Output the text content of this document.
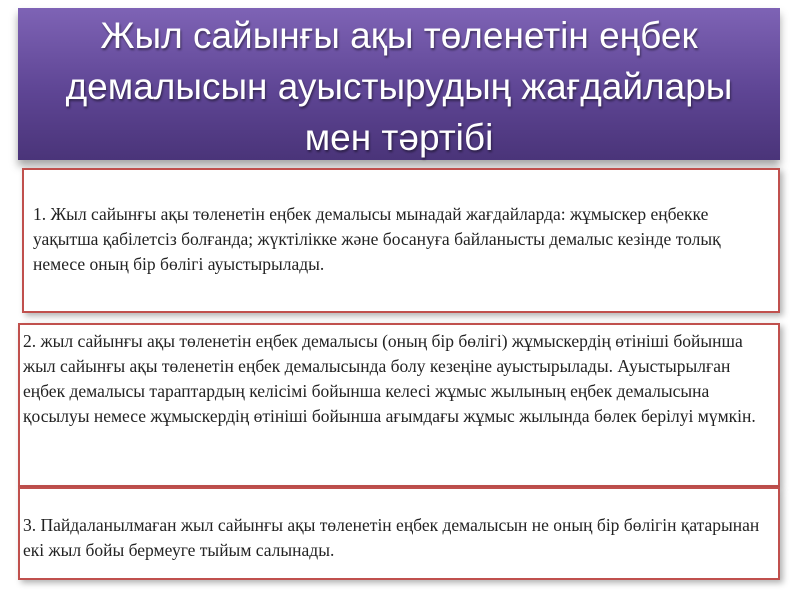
Жыл сайынғы ақы төленетін еңбек демалысын ауыстырудың жағдайлары мен тәртібі
1. Жыл сайынғы ақы төленетін еңбек демалысы мынадай жағдайларда: жұмыскер еңбекке уақытша қабілетсіз болғанда; жүктілікке және босануға байланысты демалыс кезінде толық немесе оның бір бөлігі ауыстырылады.
2. жыл сайынғы ақы төленетін еңбек демалысы (оның бір бөлігі) жұмыскердің өтініші бойынша жыл сайынғы ақы төленетін еңбек демалысында болу кезеңіне ауыстырылады. Ауыстырылған еңбек демалысы тараптардың келісімі бойынша келесі жұмыс жылының еңбек демалысына қосылуы немесе жұмыскердің өтініші бойынша ағымдағы жұмыс жылында бөлек берілуі мүмкін.
3. Пайдаланылмаған жыл сайынғы ақы төленетін еңбек демалысын не оның бір бөлігін қатарынан екі жыл бойы бермеуге тыйым салынады.
